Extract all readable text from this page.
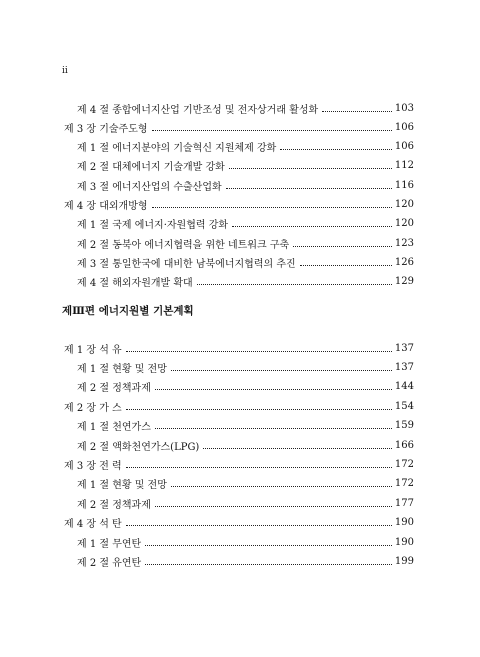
ii
제 4 절 종합에너지산업 기반조성 및 전자상거래 활성화	103
제 3 장 기술주도형	106
제 1 절 에너지분야의 기술혁신 지원체제 강화	106
제 2 절 대체에너지 기술개발 강화	112
제 3 절 에너지산업의 수출산업화	116
제 4 장 대외개방형	120
제 1 절 국제 에너지·자원협력 강화	120
제 2 절 동북아 에너지협력을 위한 네트워크 구축	123
제 3 절 통일한국에 대비한 남북에너지협력의 추진	126
제 4 절 해외자원개발 확대	129
제Ⅲ편 에너지원별 기본계획
제 1 장 석 유	137
제 1 절 현황 및 전망	137
제 2 절 정책과제	144
제 2 장 가 스	154
제 1 절 천연가스	159
제 2 절 액화천연가스(LPG)	166
제 3 장 전 력	172
제 1 절 현황 및 전망	172
제 2 절 정책과제	177
제 4 장 석 탄	190
제 1 절 무연탄	190
제 2 절 유연탄	199
